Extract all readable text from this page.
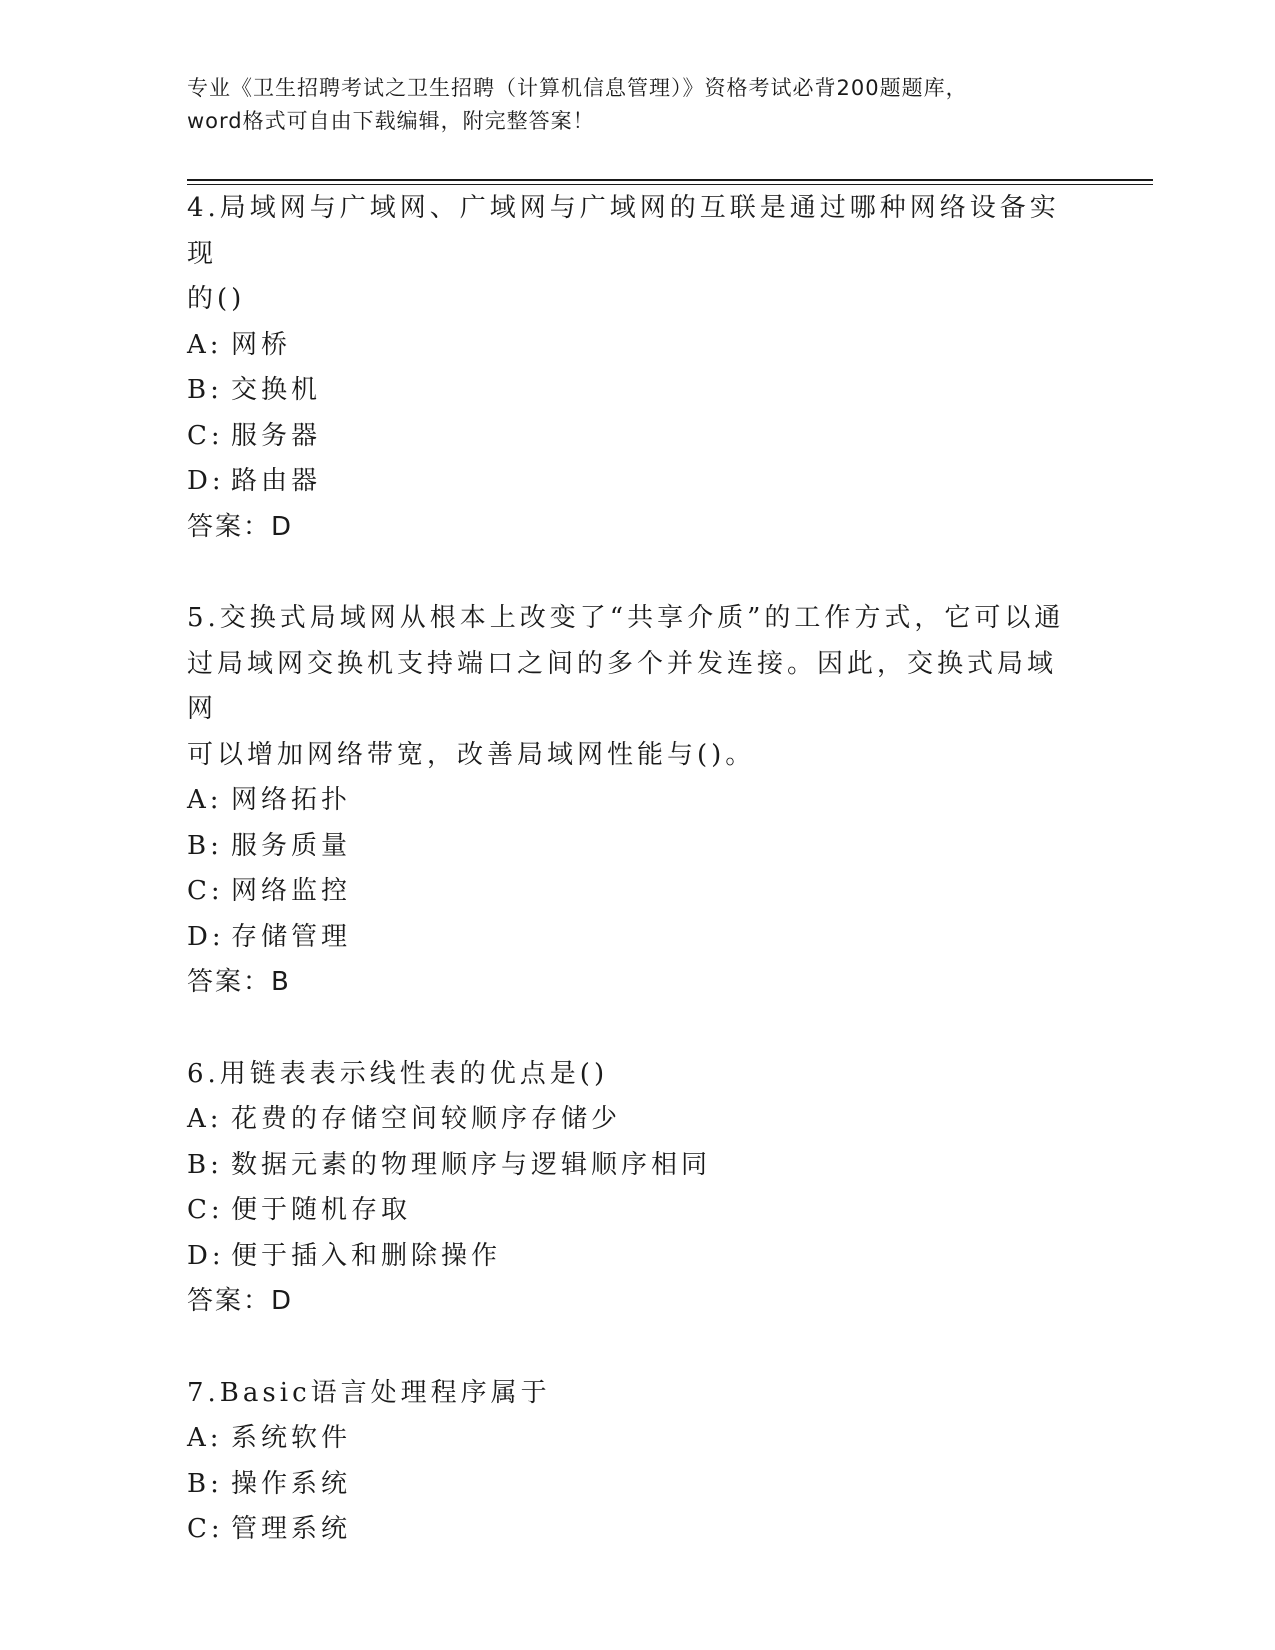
专业《卫生招聘考试之卫生招聘（计算机信息管理）》资格考试必背200题题库，

word格式可自由下载编辑，附完整答案！

4.局域网与广域网、广域网与广域网的互联是通过哪种网络设备实现

的()

A: 网桥

B: 交换机

C: 服务器

D: 路由器

答案：D

5.交换式局域网从根本上改变了“共享介质”的工作方式，它可以通

过局域网交换机支持端口之间的多个并发连接。因此，交换式局域网

可以增加网络带宽，改善局域网性能与()。

A: 网络拓扑

B: 服务质量

C: 网络监控

D: 存储管理

答案：B

6.用链表表示线性表的优点是()

A: 花费的存储空间较顺序存储少

B: 数据元素的物理顺序与逻辑顺序相同

C: 便于随机存取

D: 便于插入和删除操作

答案：D

7.Basic语言处理程序属于

A: 系统软件

B: 操作系统

C: 管理系统
